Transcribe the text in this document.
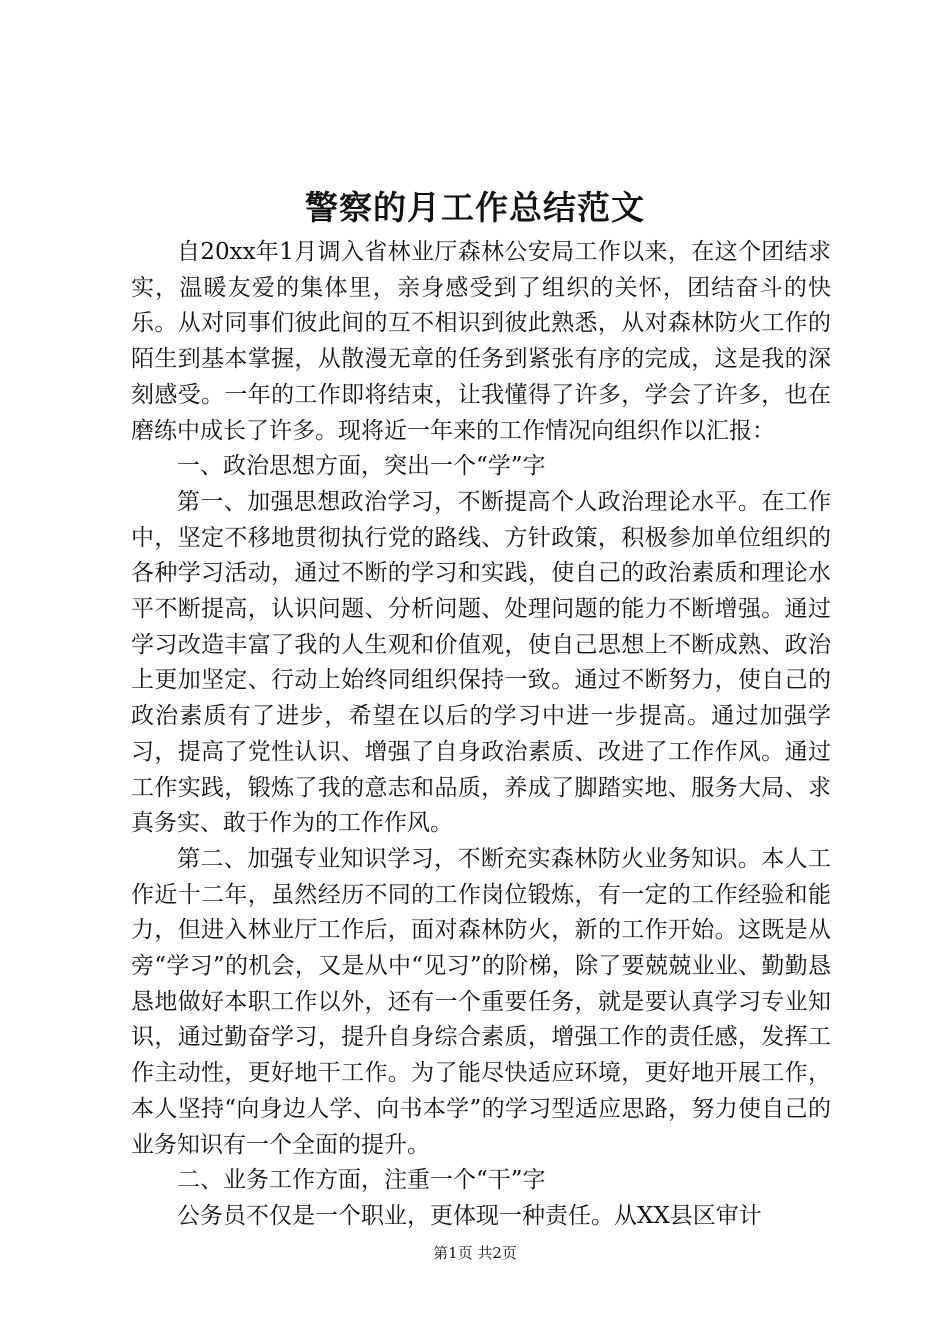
警察的月工作总结范文

自20xx年1月调入省林业厅森林公安局工作以来，在这个团结求实，温暖友爱的集体里，亲身感受到了组织的关怀，团结奋斗的快乐。从对同事们彼此间的互不相识到彼此熟悉，从对森林防火工作的陌生到基本掌握，从散漫无章的任务到紧张有序的完成，这是我的深刻感受。一年的工作即将结束，让我懂得了许多，学会了许多，也在磨练中成长了许多。现将近一年来的工作情况向组织作以汇报：

一、政治思想方面，突出一个“学”字

第一、加强思想政治学习，不断提高个人政治理论水平。在工作中，坚定不移地贯彻执行党的路线、方针政策，积极参加单位组织的各种学习活动，通过不断的学习和实践，使自己的政治素质和理论水平不断提高，认识问题、分析问题、处理问题的能力不断增强。通过学习改造丰富了我的人生观和价值观，使自己思想上不断成熟、政治上更加坚定、行动上始终同组织保持一致。通过不断努力，使自己的政治素质有了进步，希望在以后的学习中进一步提高。通过加强学习，提高了党性认识、增强了自身政治素质、改进了工作作风。通过工作实践，锻炼了我的意志和品质，养成了脚踏实地、服务大局、求真务实、敢于作为的工作作风。

第二、加强专业知识学习，不断充实森林防火业务知识。本人工作近十二年，虽然经历不同的工作岗位锻炼，有一定的工作经验和能力，但进入林业厅工作后，面对森林防火，新的工作开始。这既是从旁“学习”的机会，又是从中“见习”的阶梯，除了要兢兢业业、勤勤恳恳地做好本职工作以外，还有一个重要任务，就是要认真学习专业知识，通过勤奋学习，提升自身综合素质，增强工作的责任感，发挥工作主动性，更好地干工作。为了能尽快适应环境，更好地开展工作，本人坚持“向身边人学、向书本学”的学习型适应思路，努力使自己的业务知识有一个全面的提升。

二、业务工作方面，注重一个“干”字

公务员不仅是一个职业，更体现一种责任。从XX县区审计

第1页 共2页
